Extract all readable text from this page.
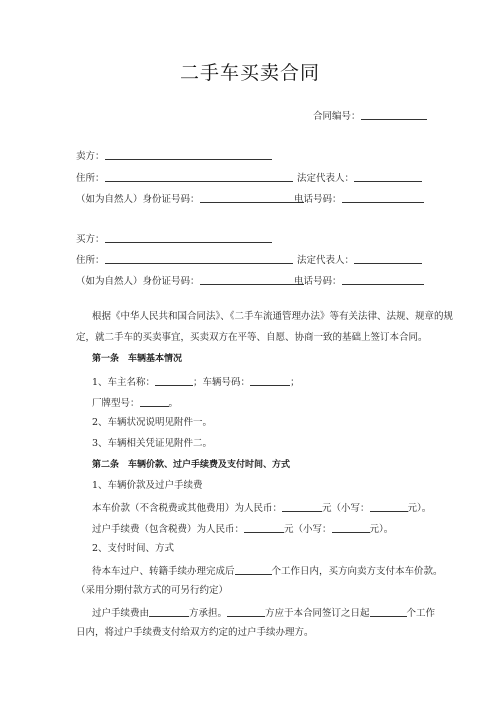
二手车买卖合同
合同编号：
卖方：
住所：	法定代表人：
（如为自然人）身份证号码：	电话号码：
买方：
住所：	法定代表人：
（如为自然人）身份证号码：	电话号码：
根据《中华人民共和国合同法》、《二手车流通管理办法》等有关法律、法规、规章的规
定，就二手车的买卖事宜，买卖双方在平等、自愿、协商一致的基础上签订本合同。
第一条　车辆基本情况
1、车主名称：	；车辆号码：	；
厂牌型号：	。
2、车辆状况说明见附件一。
3、车辆相关凭证见附件二。
第二条　车辆价款、过户手续费及支付时间、方式
1、车辆价款及过户手续费
本车价款（不含税费或其他费用）为人民币：	元（小写：	元）。
过户手续费（包含税费）为人民币：	元（小写：	元）。
2、支付时间、方式
待本车过户、转籍手续办理完成后	个工作日内，买方向卖方支付本车价款。
（采用分期付款方式的可另行约定）
过户手续费由	方承担。	方应于本合同签订之日起	个工作
日内，将过户手续费支付给双方约定的过户手续办理方。
